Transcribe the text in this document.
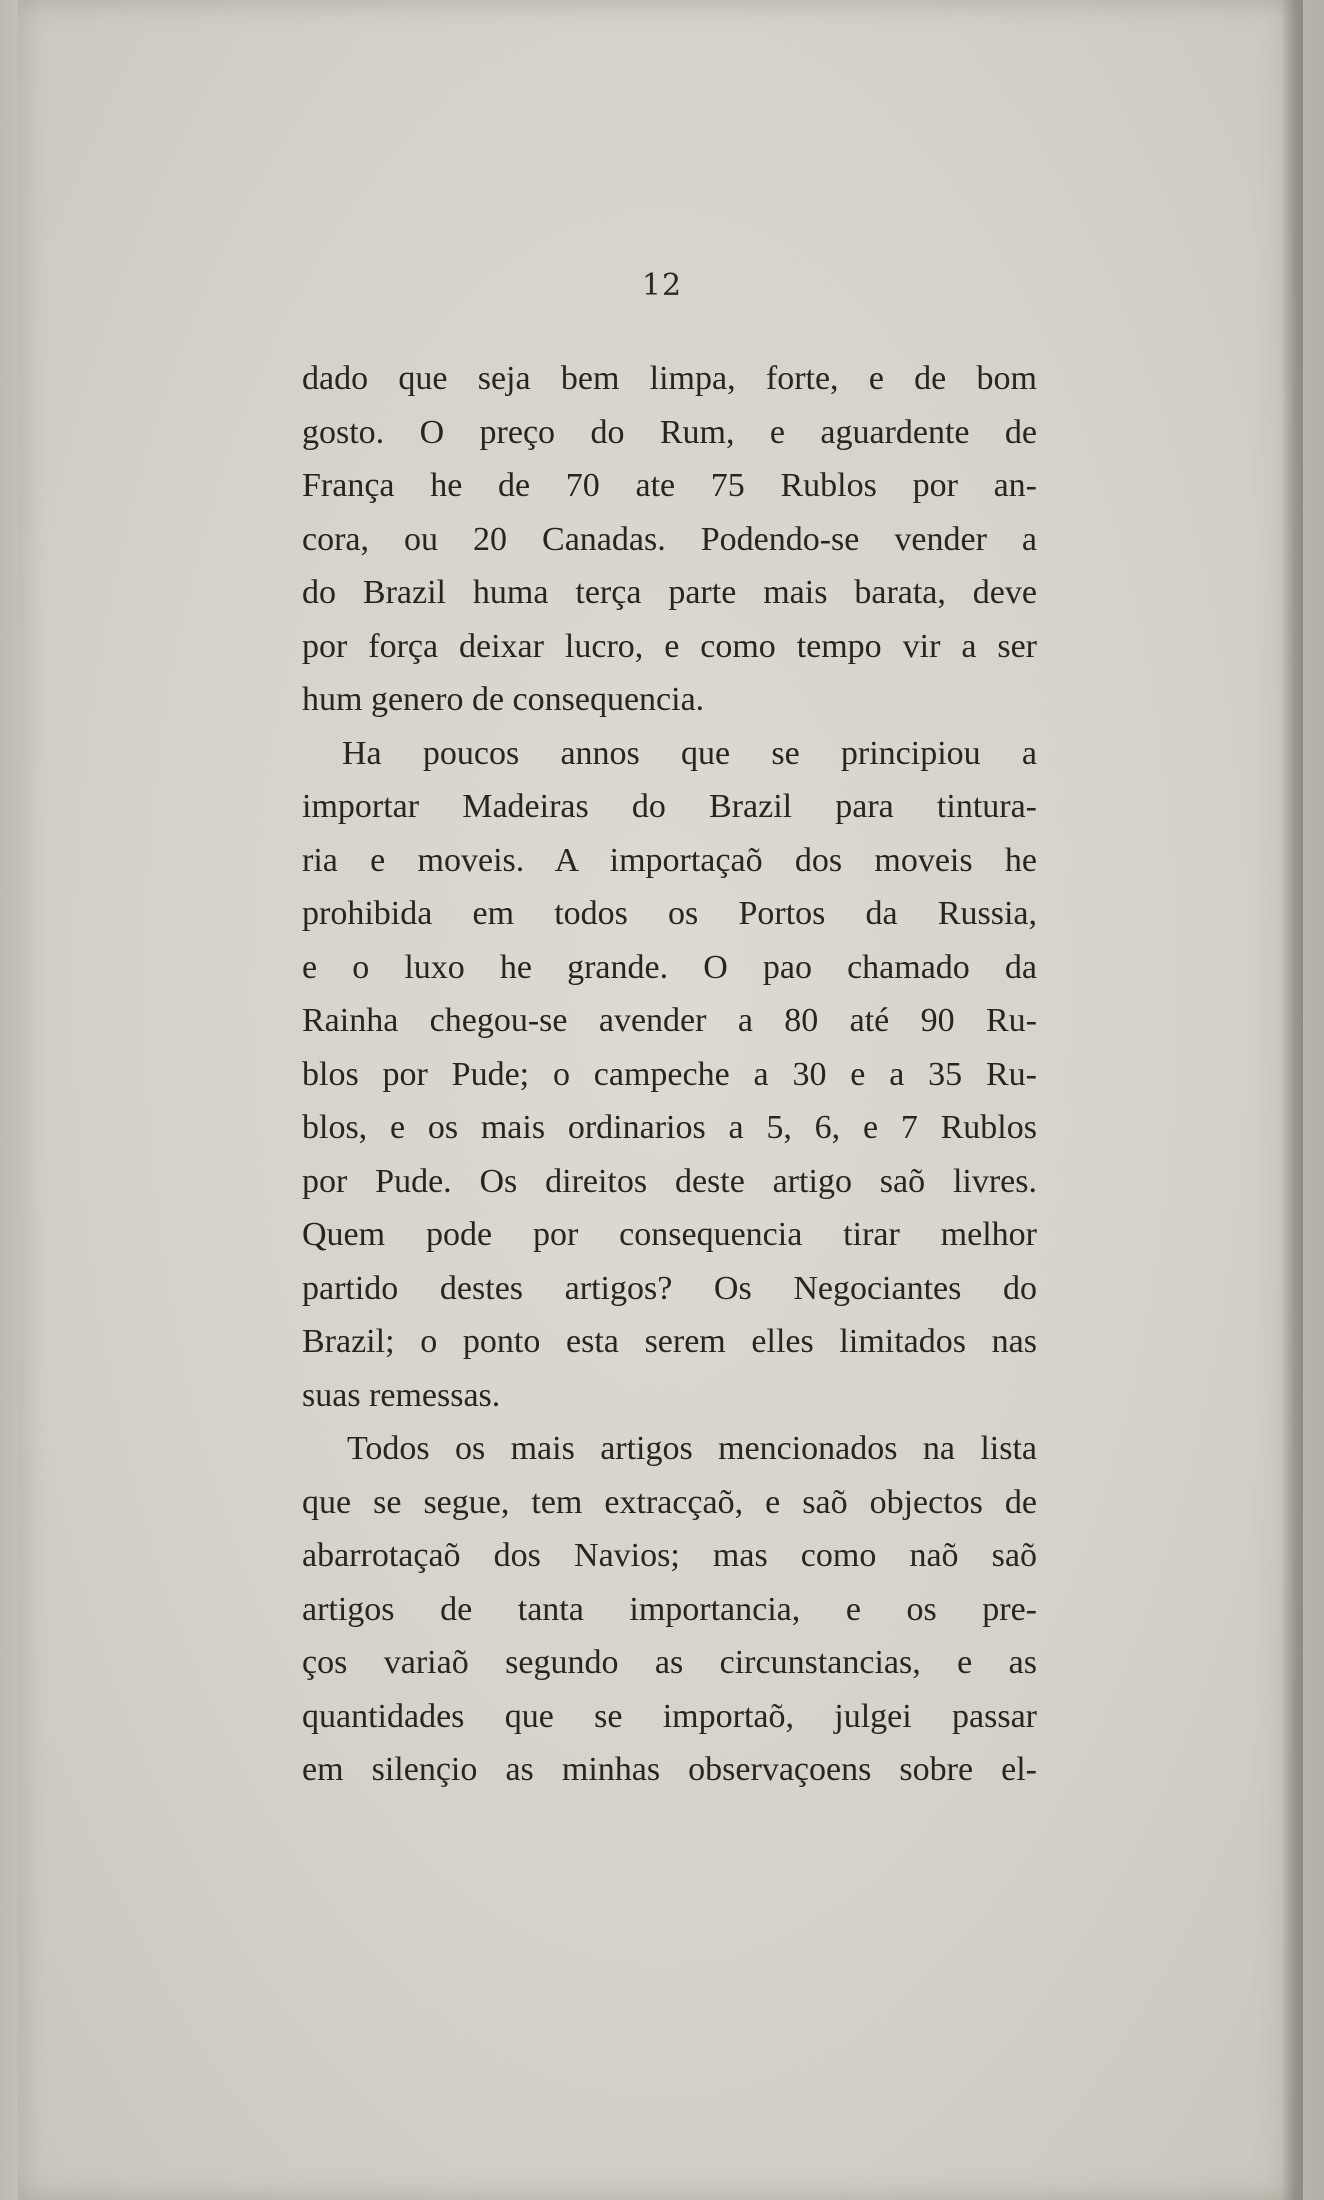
12

dado que seja bem limpa, forte, e de bom
gosto. O preço do Rum, e aguardente de
França he de 70 ate 75 Rublos por an-
cora, ou 20 Canadas. Podendo-se vender a
do Brazil huma terça parte mais barata, deve
por força deixar lucro, e como tempo vir a ser
hum genero de consequencia.

Ha poucos annos que se principiou a
importar Madeiras do Brazil para tintura-
ria e moveis. A importaçaõ dos moveis he
prohibida em todos os Portos da Russia,
e o luxo he grande. O pao chamado da
Rainha chegou-se avender a 80 até 90 Ru-
blos por Pude; o campeche a 30 e a 35 Ru-
blos, e os mais ordinarios a 5, 6, e 7 Rublos
por Pude. Os direitos deste artigo saõ livres.
Quem pode por consequencia tirar melhor
partido destes artigos? Os Negociantes do
Brazil; o ponto esta serem elles limitados nas
suas remessas.

Todos os mais artigos mencionados na lista
que se segue, tem extracçaõ, e saõ objectos de
abarrotaçaõ dos Navios; mas como naõ saõ
artigos de tanta importancia, e os pre-
ços variaõ segundo as circunstancias, e as
quantidades que se importaõ, julgei passar
em silençio as minhas observaçoens sobre el-
